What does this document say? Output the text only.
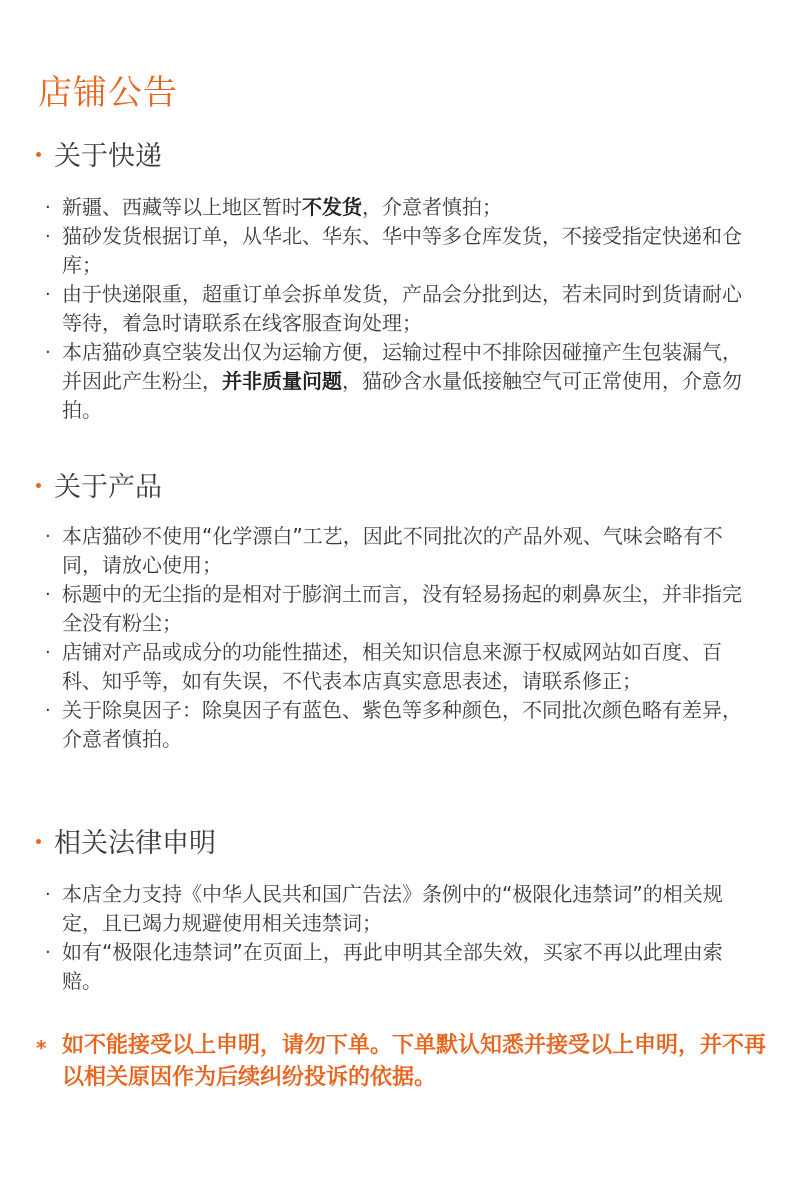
店铺公告
关于快递
· 新疆、西藏等以上地区暂时不发货，介意者慎拍；
· 猫砂发货根据订单，从华北、华东、华中等多仓库发货，不接受指定快递和仓库；
· 由于快递限重，超重订单会拆单发货，产品会分批到达，若未同时到货请耐心等待，着急时请联系在线客服查询处理；
· 本店猫砂真空装发出仅为运输方便，运输过程中不排除因碰撞产生包装漏气，并因此产生粉尘，并非质量问题，猫砂含水量低接触空气可正常使用，介意勿拍。
关于产品
· 本店猫砂不使用“化学漂白”工艺，因此不同批次的产品外观、气味会略有不同，请放心使用；
· 标题中的无尘指的是相对于膨润土而言，没有轻易扬起的刺鼻灰尘，并非指完全没有粉尘；
· 店铺对产品或成分的功能性描述，相关知识信息来源于权威网站如百度、百科、知乎等，如有失误，不代表本店真实意思表述，请联系修正；
· 关于除臭因子：除臭因子有蓝色、紫色等多种颜色，不同批次颜色略有差异，介意者慎拍。
相关法律申明
· 本店全力支持《中华人民共和国广告法》条例中的“极限化违禁词”的相关规定，且已竭力规避使用相关违禁词；
· 如有“极限化违禁词”在页面上，再此申明其全部失效，买家不再以此理由索赔。
* 如不能接受以上申明，请勿下单。下单默认知悉并接受以上申明，并不再以相关原因作为后续纠纷投诉的依据。
